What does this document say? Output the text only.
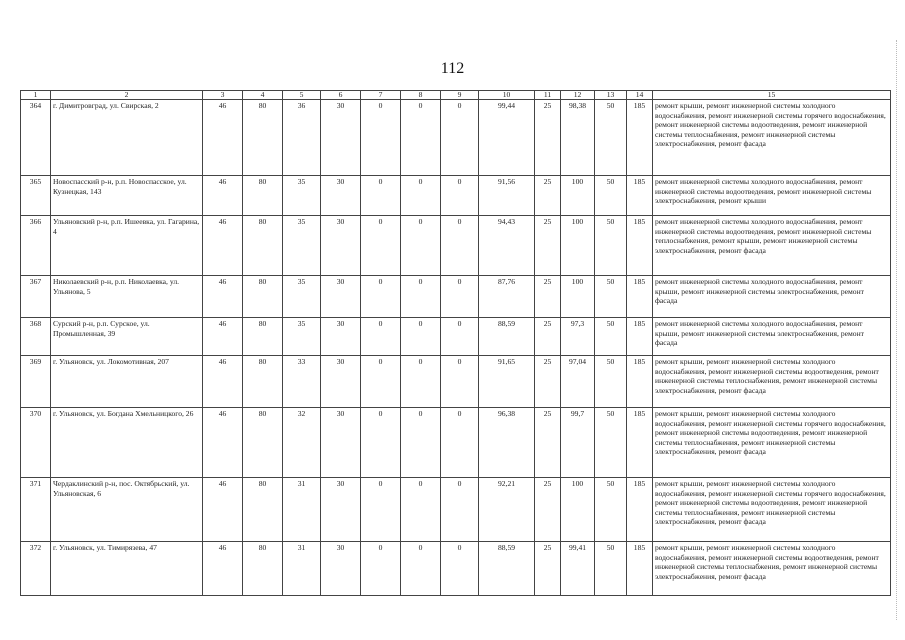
112
1	2	3	4	5	6	7	8	9	10	11	12	13	14	15
364	г. Димитровград, ул. Свирская, 2	46	80	36	30	0	0	0	99,44	25	98,38	50	185	ремонт крыши, ремонт инженерной системы холодного водоснабжения, ремонт инженерной системы горячего водоснабжения, ремонт инженерной системы водоотведения, ремонт инженерной системы теплоснабжения, ремонт инженерной системы электроснабжения, ремонт фасада
365	Новоспасский р-н, р.п. Новоспасское, ул. Кузнецкая, 143	46	80	35	30	0	0	0	91,56	25	100	50	185	ремонт инженерной системы холодного водоснабжения, ремонт инженерной системы водоотведения, ремонт инженерной системы электроснабжения, ремонт крыши
366	Ульяновский р-н, р.п. Ишеевка, ул. Гагарина, 4	46	80	35	30	0	0	0	94,43	25	100	50	185	ремонт инженерной системы холодного водоснабжения, ремонт инженерной системы водоотведения, ремонт инженерной системы теплоснабжения, ремонт крыши, ремонт инженерной системы электроснабжения, ремонт фасада
367	Николаевский р-н, р.п. Николаевка, ул. Ульянова, 5	46	80	35	30	0	0	0	87,76	25	100	50	185	ремонт инженерной системы холодного водоснабжения, ремонт крыши, ремонт инженерной системы электроснабжения, ремонт фасада
368	Сурский р-н, р.п. Сурское, ул. Промышленная, 39	46	80	35	30	0	0	0	88,59	25	97,3	50	185	ремонт инженерной системы холодного водоснабжения, ремонт крыши, ремонт инженерной системы электроснабжения, ремонт фасада
369	г. Ульяновск, ул. Локомотивная, 207	46	80	33	30	0	0	0	91,65	25	97,04	50	185	ремонт крыши, ремонт инженерной системы холодного водоснабжения, ремонт инженерной системы водоотведения, ремонт инженерной системы теплоснабжения, ремонт инженерной системы электроснабжения, ремонт фасада
370	г. Ульяновск, ул. Богдана Хмельницкого, 26	46	80	32	30	0	0	0	96,38	25	99,7	50	185	ремонт крыши, ремонт инженерной системы холодного водоснабжения, ремонт инженерной системы горячего водоснабжения, ремонт инженерной системы водоотведения, ремонт инженерной системы теплоснабжения, ремонт инженерной системы электроснабжения, ремонт фасада
371	Чердаклинский р-н, пос. Октябрьский, ул. Ульяновская, 6	46	80	31	30	0	0	0	92,21	25	100	50	185	ремонт крыши, ремонт инженерной системы холодного водоснабжения, ремонт инженерной системы горячего водоснабжения, ремонт инженерной системы водоотведения, ремонт инженерной системы теплоснабжения, ремонт инженерной системы электроснабжения, ремонт фасада
372	г. Ульяновск, ул. Тимирязева, 47	46	80	31	30	0	0	0	88,59	25	99,41	50	185	ремонт крыши, ремонт инженерной системы холодного водоснабжения, ремонт инженерной системы водоотведения, ремонт инженерной системы теплоснабжения, ремонт инженерной системы электроснабжения, ремонт фасада
